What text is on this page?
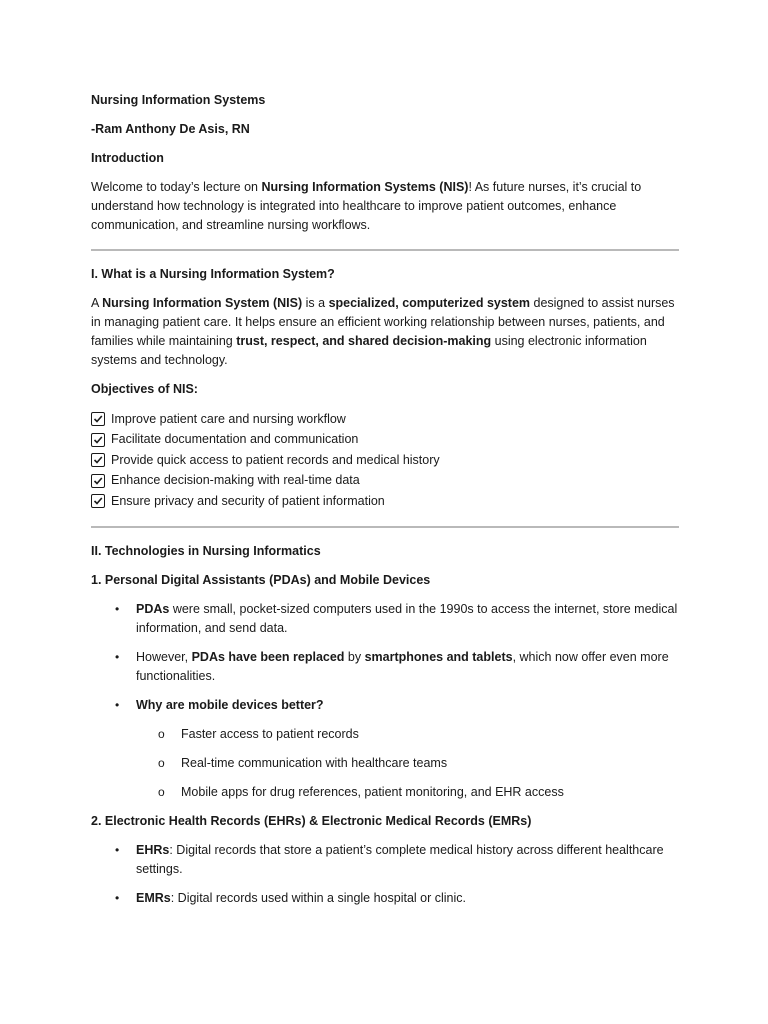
Nursing Information Systems

-Ram Anthony De Asis, RN

Introduction

Welcome to today’s lecture on Nursing Information Systems (NIS)! As future nurses, it’s crucial to understand how technology is integrated into healthcare to improve patient outcomes, enhance communication, and streamline nursing workflows.

I. What is a Nursing Information System?

A Nursing Information System (NIS) is a specialized, computerized system designed to assist nurses in managing patient care. It helps ensure an efficient working relationship between nurses, patients, and families while maintaining trust, respect, and shared decision-making using electronic information systems and technology.

Objectives of NIS:

Improve patient care and nursing workflow
Facilitate documentation and communication
Provide quick access to patient records and medical history
Enhance decision-making with real-time data
Ensure privacy and security of patient information

II. Technologies in Nursing Informatics

1. Personal Digital Assistants (PDAs) and Mobile Devices

• PDAs were small, pocket-sized computers used in the 1990s to access the internet, store medical information, and send data.
• However, PDAs have been replaced by smartphones and tablets, which now offer even more functionalities.
• Why are mobile devices better?
o Faster access to patient records
o Real-time communication with healthcare teams
o Mobile apps for drug references, patient monitoring, and EHR access

2. Electronic Health Records (EHRs) & Electronic Medical Records (EMRs)

• EHRs: Digital records that store a patient’s complete medical history across different healthcare settings.
• EMRs: Digital records used within a single hospital or clinic.
